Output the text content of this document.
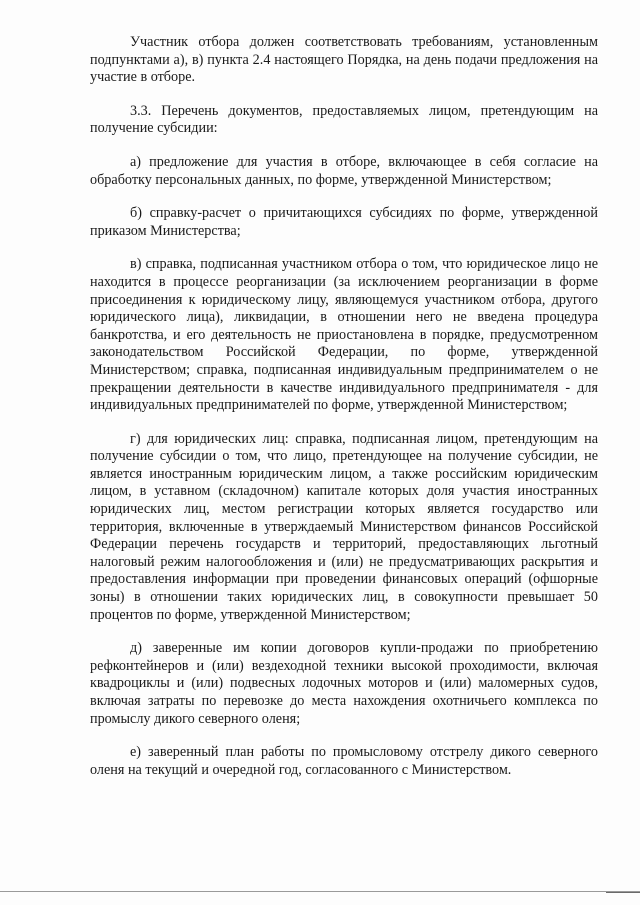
Участник отбора должен соответствовать требованиям, установленным подпунктами а), в) пункта 2.4 настоящего Порядка, на день подачи предложения на участие в отборе.

3.3. Перечень документов, предоставляемых лицом, претендующим на получение субсидии:

а) предложение для участия в отборе, включающее в себя согласие на обработку персональных данных, по форме, утвержденной Министерством;

б) справку-расчет о причитающихся субсидиях по форме, утвержденной приказом Министерства;

в) справка, подписанная участником отбора о том, что юридическое лицо не находится в процессе реорганизации (за исключением реорганизации в форме присоединения к юридическому лицу, являющемуся участником отбора, другого юридического лица), ликвидации, в отношении него не введена процедура банкротства, и его деятельность не приостановлена в порядке, предусмотренном законодательством Российской Федерации, по форме, утвержденной Министерством; справка, подписанная индивидуальным предпринимателем о не прекращении деятельности в качестве индивидуального предпринимателя - для индивидуальных предпринимателей по форме, утвержденной Министерством;

г) для юридических лиц: справка, подписанная лицом, претендующим на получение субсидии о том, что лицо, претендующее на получение субсидии, не является иностранным юридическим лицом, а также российским юридическим лицом, в уставном (складочном) капитале которых доля участия иностранных юридических лиц, местом регистрации которых является государство или территория, включенные в утверждаемый Министерством финансов Российской Федерации перечень государств и территорий, предоставляющих льготный налоговый режим налогообложения и (или) не предусматривающих раскрытия и предоставления информации при проведении финансовых операций (офшорные зоны) в отношении таких юридических лиц, в совокупности превышает 50 процентов по форме, утвержденной Министерством;

д) заверенные им копии договоров купли-продажи по приобретению рефконтейнеров и (или) вездеходной техники высокой проходимости, включая квадроциклы и (или) подвесных лодочных моторов и (или) маломерных судов, включая затраты по перевозке до места нахождения охотничьего комплекса по промыслу дикого северного оленя;

е) заверенный план работы по промысловому отстрелу дикого северного оленя на текущий и очередной год, согласованного с Министерством.
